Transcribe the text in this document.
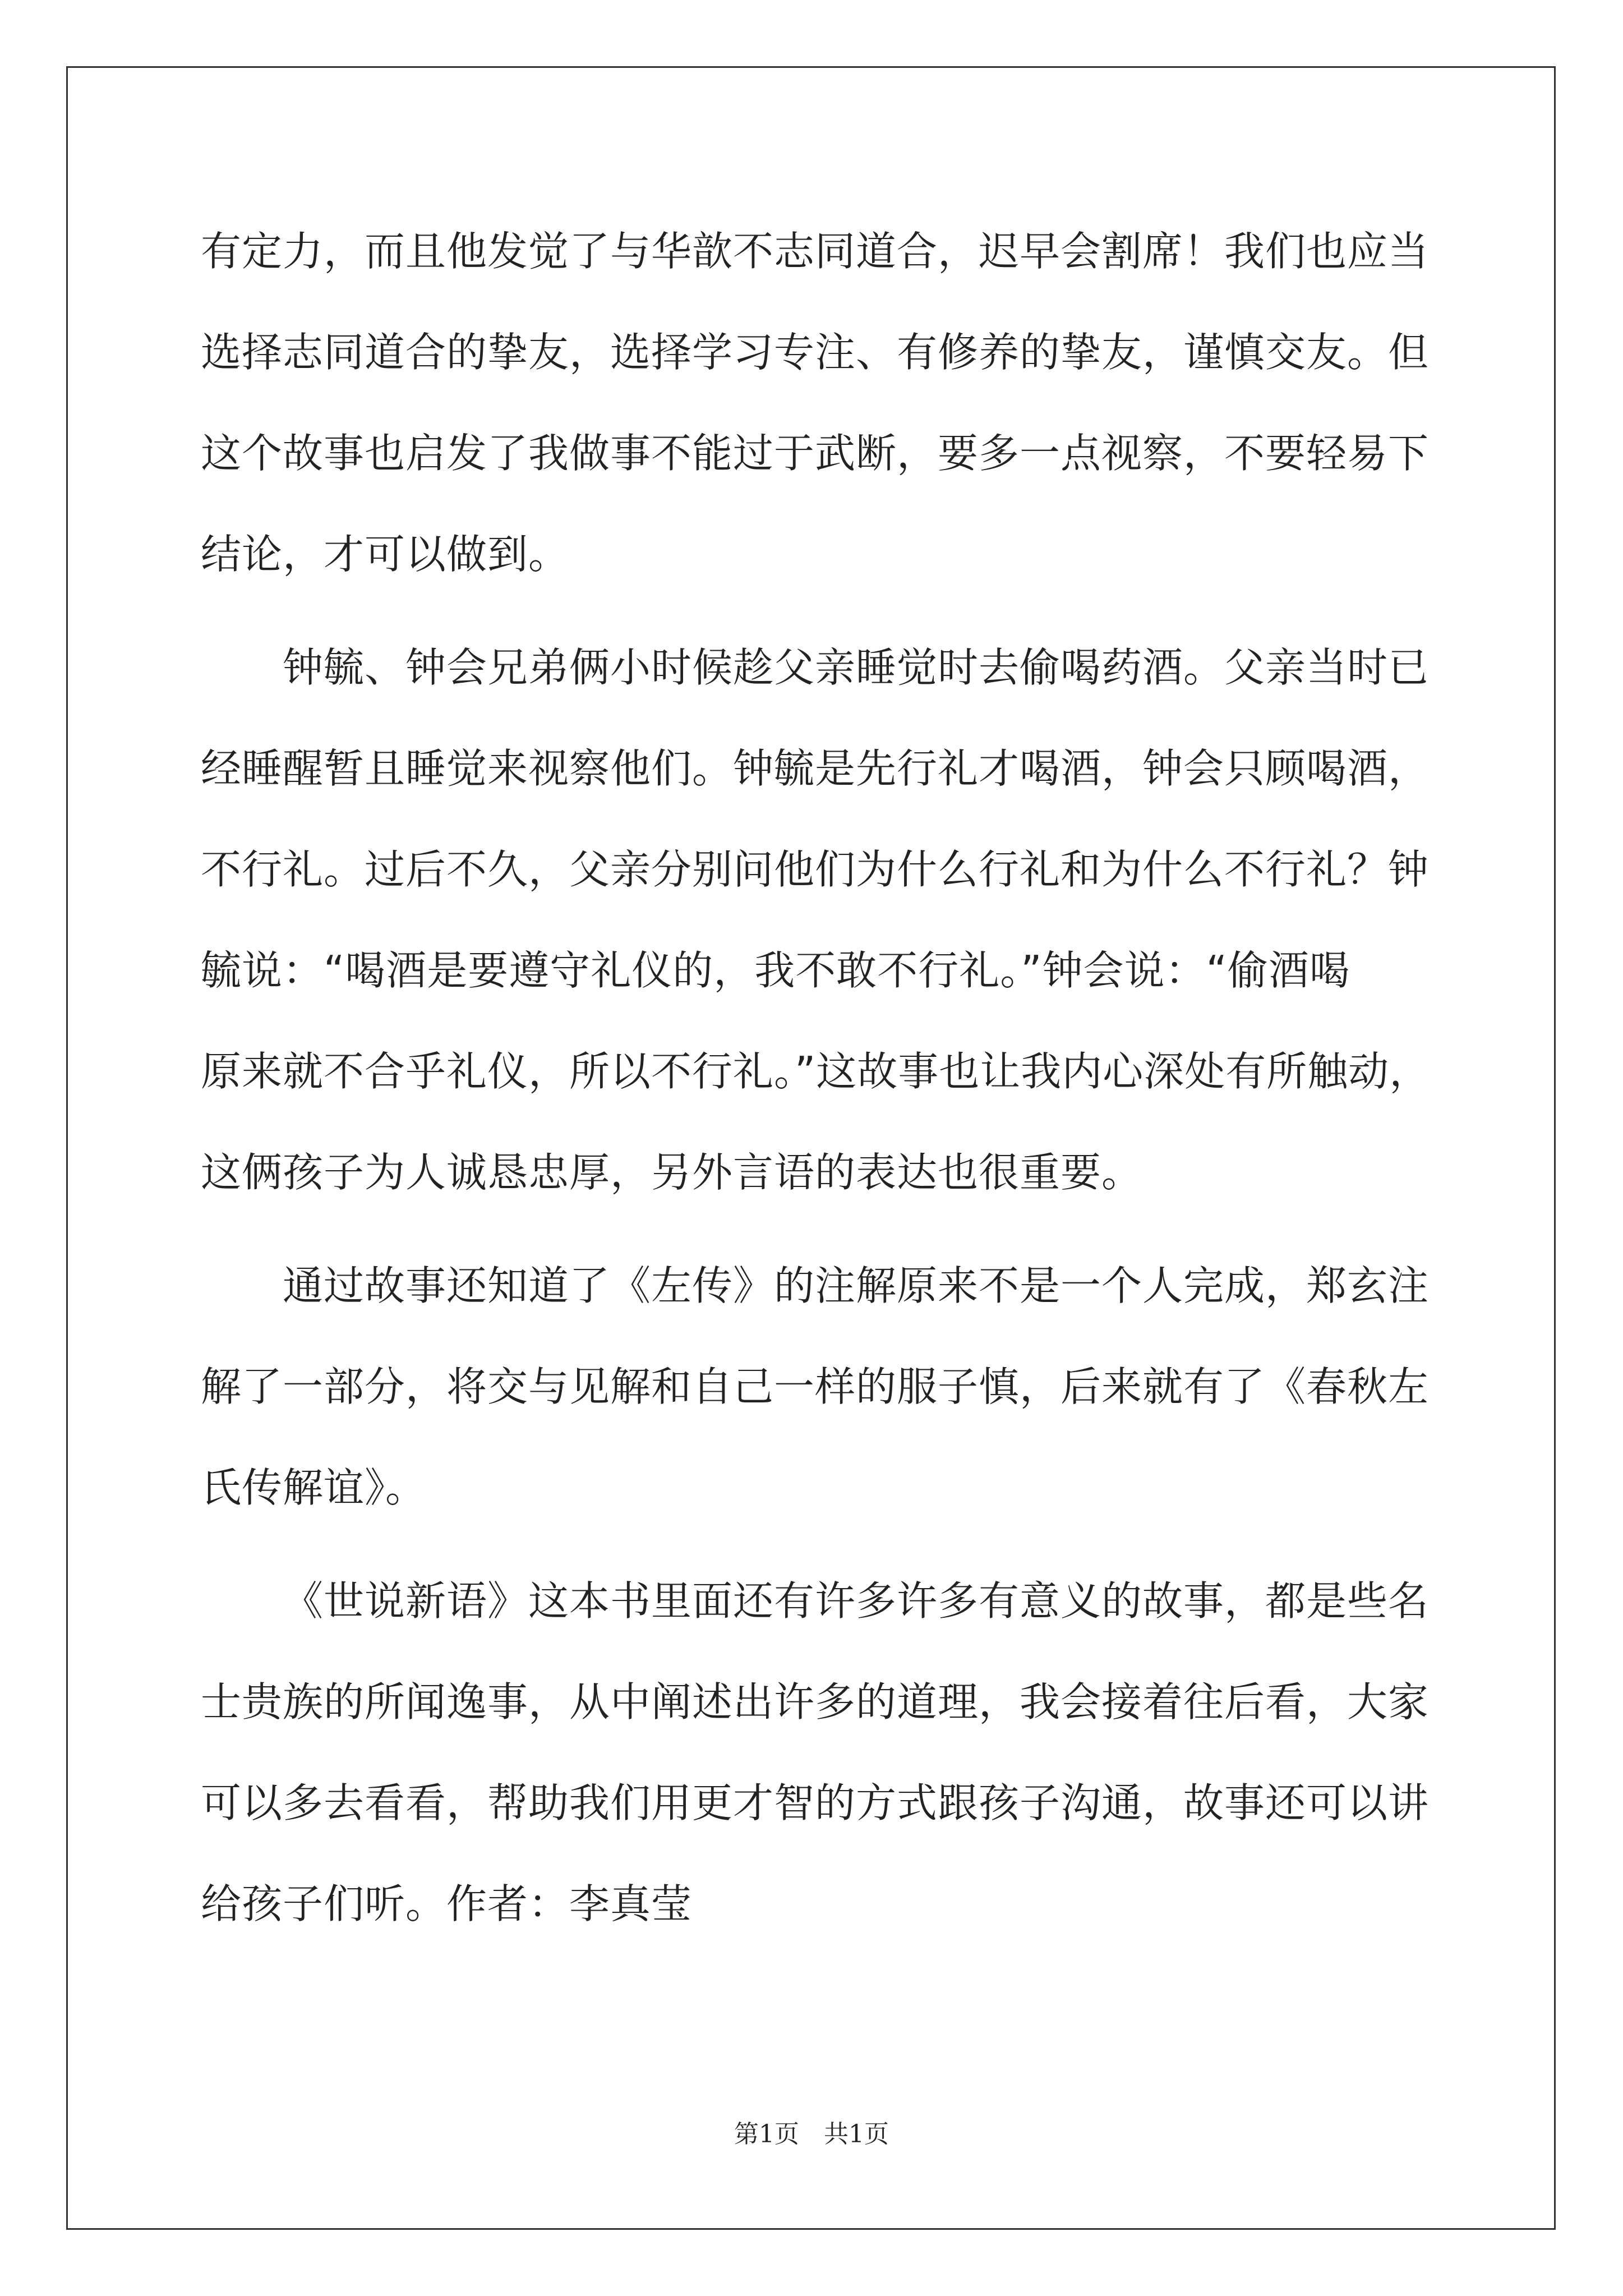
有定力，而且他发觉了与华歆不志同道合，迟早会割席！我们也应当
选择志同道合的挚友，选择学习专注、有修养的挚友，谨慎交友。但
这个故事也启发了我做事不能过于武断，要多一点视察，不要轻易下
结论，才可以做到。
钟毓、钟会兄弟俩小时候趁父亲睡觉时去偷喝药酒。父亲当时已
经睡醒暂且睡觉来视察他们。钟毓是先行礼才喝酒，钟会只顾喝酒，
不行礼。过后不久，父亲分别问他们为什么行礼和为什么不行礼？钟
毓说：“喝酒是要遵守礼仪的，我不敢不行礼。”钟会说：“偷酒喝
原来就不合乎礼仪，所以不行礼。”这故事也让我内心深处有所触动，
这俩孩子为人诚恳忠厚，另外言语的表达也很重要。
通过故事还知道了《左传》的注解原来不是一个人完成，郑玄注
解了一部分，将交与见解和自己一样的服子慎，后来就有了《春秋左
氏传解谊》。
《世说新语》这本书里面还有许多许多有意义的故事，都是些名
士贵族的所闻逸事，从中阐述出许多的道理，我会接着往后看，大家
可以多去看看，帮助我们用更才智的方式跟孩子沟通，故事还可以讲
给孩子们听。作者：李真莹
第1页　共1页
